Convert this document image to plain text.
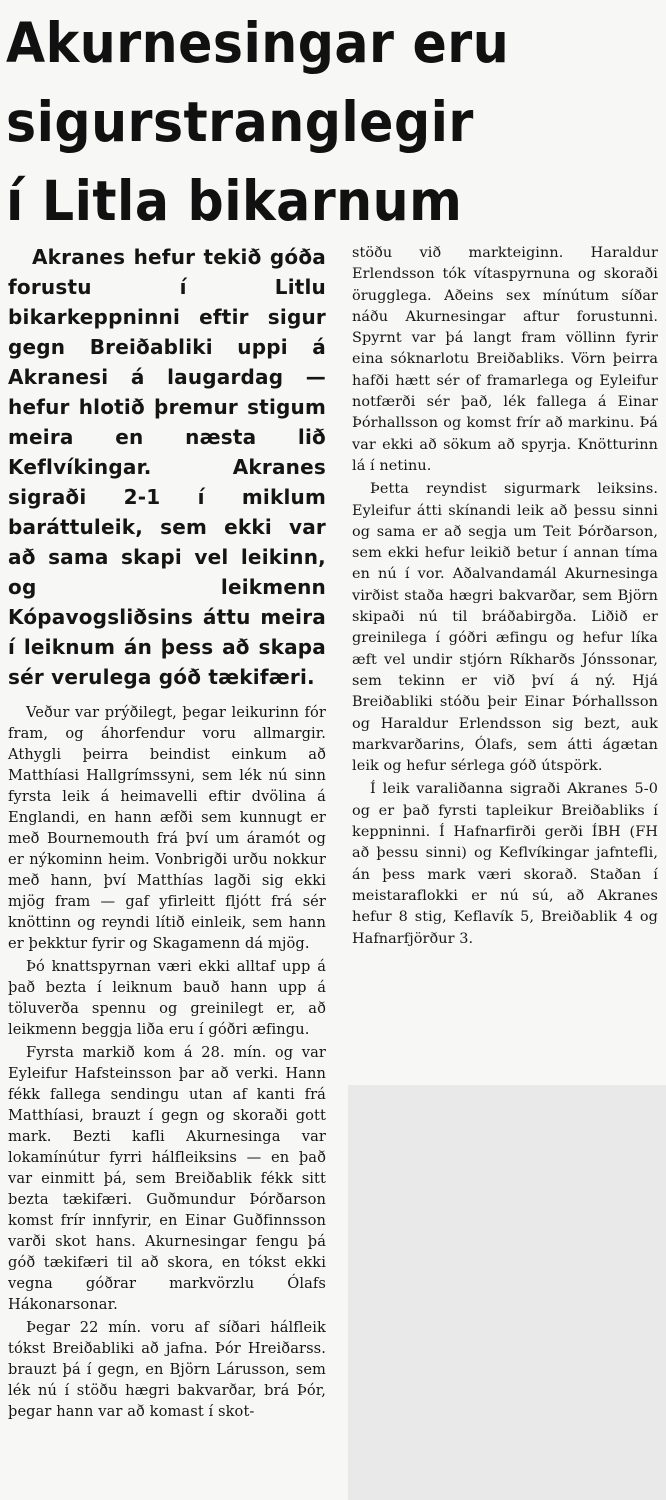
Akurnesingar eru
sigurstranglegir
í Litla bikarnum

Akranes hefur tekið góða forustu í Litlu bikarkeppninni eftir sigur gegn Breiðabliki uppi á Akranesi á laugardag — hefur hlotið þremur stigum meira en næsta lið Keflvíkingar. Akranes sigraði 2-1 í miklum baráttuleik, sem ekki var að sama skapi vel leikinn, og leikmenn Kópavogsliðsins áttu meira í leiknum án þess að skapa sér verulega góð tækifæri.

Veður var prýðilegt, þegar leikurinn fór fram, og áhorfendur voru allmargir. Athygli þeirra beindist einkum að Matthíasi Hallgrímssyni, sem lék nú sinn fyrsta leik á heimavelli eftir dvölina á Englandi, en hann æfði sem kunnugt er með Bournemouth frá því um áramót og er nýkominn heim. Vonbrigði urðu nokkur með hann, því Matthías lagði sig ekki mjög fram — gaf yfirleitt fljótt frá sér knöttinn og reyndi lítið einleik, sem hann er þekktur fyrir og Skagamenn dá mjög.

Þó knattspyrnan væri ekki alltaf upp á það bezta í leiknum bauð hann upp á töluverða spennu og greinilegt er, að leikmenn beggja liða eru í góðri æfingu.

Fyrsta markið kom á 28. mín. og var Eyleifur Hafsteinsson þar að verki. Hann fékk fallega sendingu utan af kanti frá Matthíasi, brauzt í gegn og skoraði gott mark. Bezti kafli Akurnesinga var lokamínútur fyrri hálfleiksins — en það var einmitt þá, sem Breiðablik fékk sitt bezta tækifæri. Guðmundur Þórðarson komst frír innfyrir, en Einar Guðfinnsson varði skot hans. Akurnesingar fengu þá góð tækifæri til að skora, en tókst ekki vegna góðrar markvörzlu Ólafs Hákonarsonar.

Þegar 22 mín. voru af síðari hálfleik tókst Breiðabliki að jafna. Þór Hreiðarss. brauzt þá í gegn, en Björn Lárusson, sem lék nú í stöðu hægri bakvarðar, brá Þór, þegar hann var að komast í skot-

stöðu við markteiginn. Haraldur Erlendsson tók vítaspyrnuna og skoraði örugglega. Aðeins sex mínútum síðar náðu Akurnesingar aftur forustunni. Spyrnt var þá langt fram völlinn fyrir eina sóknarlotu Breiðabliks. Vörn þeirra hafði hætt sér of framarlega og Eyleifur notfærði sér það, lék fallega á Einar Þórhallsson og komst frír að markinu. Þá var ekki að sökum að spyrja. Knötturinn lá í netinu.

Þetta reyndist sigurmark leiksins. Eyleifur átti skínandi leik að þessu sinni og sama er að segja um Teit Þórðarson, sem ekki hefur leikið betur í annan tíma en nú í vor. Aðalvandamál Akurnesinga virðist staða hægri bakvarðar, sem Björn skipaði nú til bráðabirgða. Liðið er greinilega í góðri æfingu og hefur líka æft vel undir stjórn Ríkharðs Jónssonar, sem tekinn er við því á ný. Hjá Breiðabliki stóðu þeir Einar Þórhallsson og Haraldur Erlendsson sig bezt, auk markvarðarins, Ólafs, sem átti ágætan leik og hefur sérlega góð útspörk.

Í leik varaliðanna sigraði Akranes 5-0 og er það fyrsti tapleikur Breiðabliks í keppninni. Í Hafnarfirði gerði ÍBH (FH að þessu sinni) og Keflvíkingar jafntefli, án þess mark væri skorað. Staðan í meistaraflokki er nú sú, að Akranes hefur 8 stig, Keflavík 5, Breiðablik 4 og Hafnarfjörður 3.
